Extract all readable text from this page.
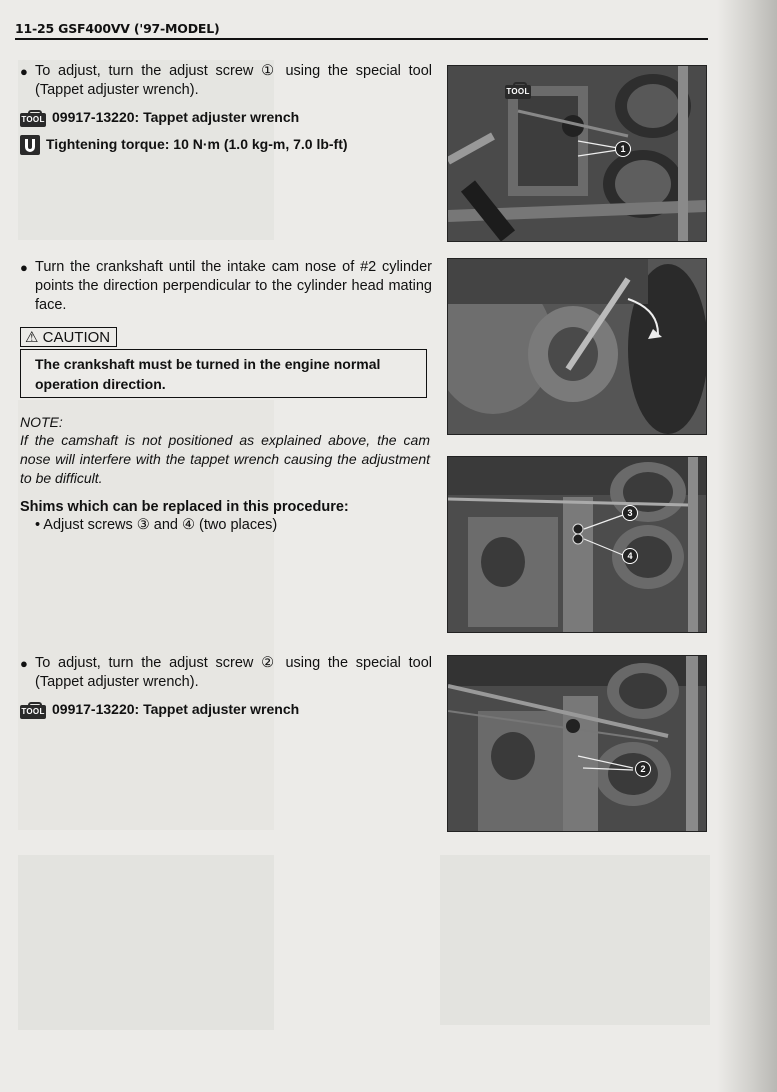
11-25 GSF400VV ('97-MODEL)
● To adjust, turn the adjust screw ① using the special tool (Tappet adjuster wrench).
TOOL 09917-13220: Tappet adjuster wrench
Tightening torque: 10 N·m (1.0 kg-m, 7.0 lb-ft)
● Turn the crankshaft until the intake cam nose of #2 cylinder points the direction perpendicular to the cylinder head mating face.
⚠ CAUTION
The crankshaft must be turned in the engine normal operation direction.
NOTE:
If the camshaft is not positioned as explained above, the cam nose will interfere with the tappet wrench causing the adjustment to be difficult.
Shims which can be replaced in this procedure:
• Adjust screws ③ and ④ (two places)
● To adjust, turn the adjust screw ② using the special tool (Tappet adjuster wrench).
TOOL 09917-13220: Tappet adjuster wrench
TOOL
1
3
4
2
